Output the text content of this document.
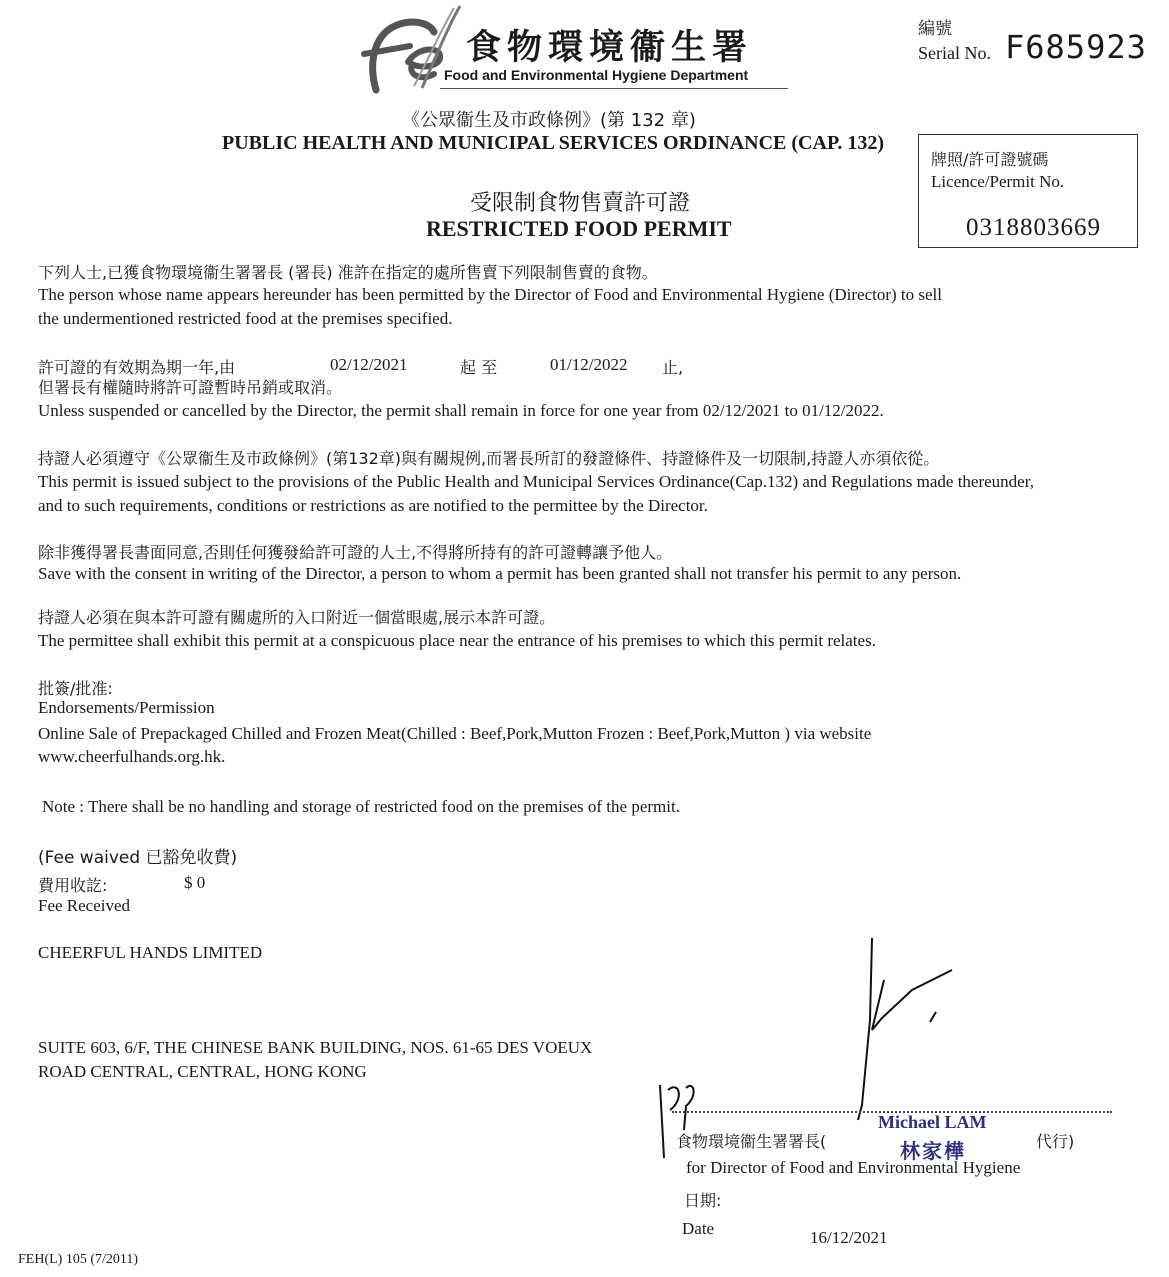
食物環境衞生署
Food and Environmental Hygiene Department
編號
Serial No. F685923
《公眾衞生及市政條例》(第 132 章)
PUBLIC HEALTH AND MUNICIPAL SERVICES ORDINANCE (CAP. 132)
受限制食物售賣許可證
RESTRICTED FOOD PERMIT
牌照/許可證號碼
Licence/Permit No.
0318803669
下列人士,已獲食物環境衞生署署長 (署長) 准許在指定的處所售賣下列限制售賣的食物。
The person whose name appears hereunder has been permitted by the Director of Food and Environmental Hygiene (Director) to sell
the undermentioned restricted food at the premises specified.
許可證的有效期為期一年,由	02/12/2021	起 至	01/12/2022 止,
但署長有權隨時將許可證暫時吊銷或取消。
Unless suspended or cancelled by the Director, the permit shall remain in force for one year from 02/12/2021 to 01/12/2022.
持證人必須遵守《公眾衞生及市政條例》(第132章)與有關規例,而署長所訂的發證條件、持證條件及一切限制,持證人亦須依從。
This permit is issued subject to the provisions of the Public Health and Municipal Services Ordinance(Cap.132) and Regulations made thereunder,
and to such requirements, conditions or restrictions as are notified to the permittee by the Director.
除非獲得署長書面同意,否則任何獲發給許可證的人士,不得將所持有的許可證轉讓予他人。
Save with the consent in writing of the Director, a person to whom a permit has been granted shall not transfer his permit to any person.
持證人必須在與本許可證有關處所的入口附近一個當眼處,展示本許可證。
The permittee shall exhibit this permit at a conspicuous place near the entrance of his premises to which this permit relates.
批簽/批准:
Endorsements/Permission
Online Sale of Prepackaged Chilled and Frozen Meat(Chilled : Beef,Pork,Mutton Frozen : Beef,Pork,Mutton ) via website
www.cheerfulhands.org.hk.
Note : There shall be no handling and storage of restricted food on the premises of the permit.
(Fee waived 已豁免收費)
費用收訖:	$ 0
Fee Received
CHEERFUL HANDS LIMITED
SUITE 603, 6/F, THE CHINESE BANK BUILDING, NOS. 61-65 DES VOEUX
ROAD CENTRAL, CENTRAL, HONG KONG
Michael LAM
林家樺
食物環境衞生署署長(	代行)
for Director of Food and Environmental Hygiene
日期:
Date	16/12/2021
FEH(L) 105 (7/2011)
